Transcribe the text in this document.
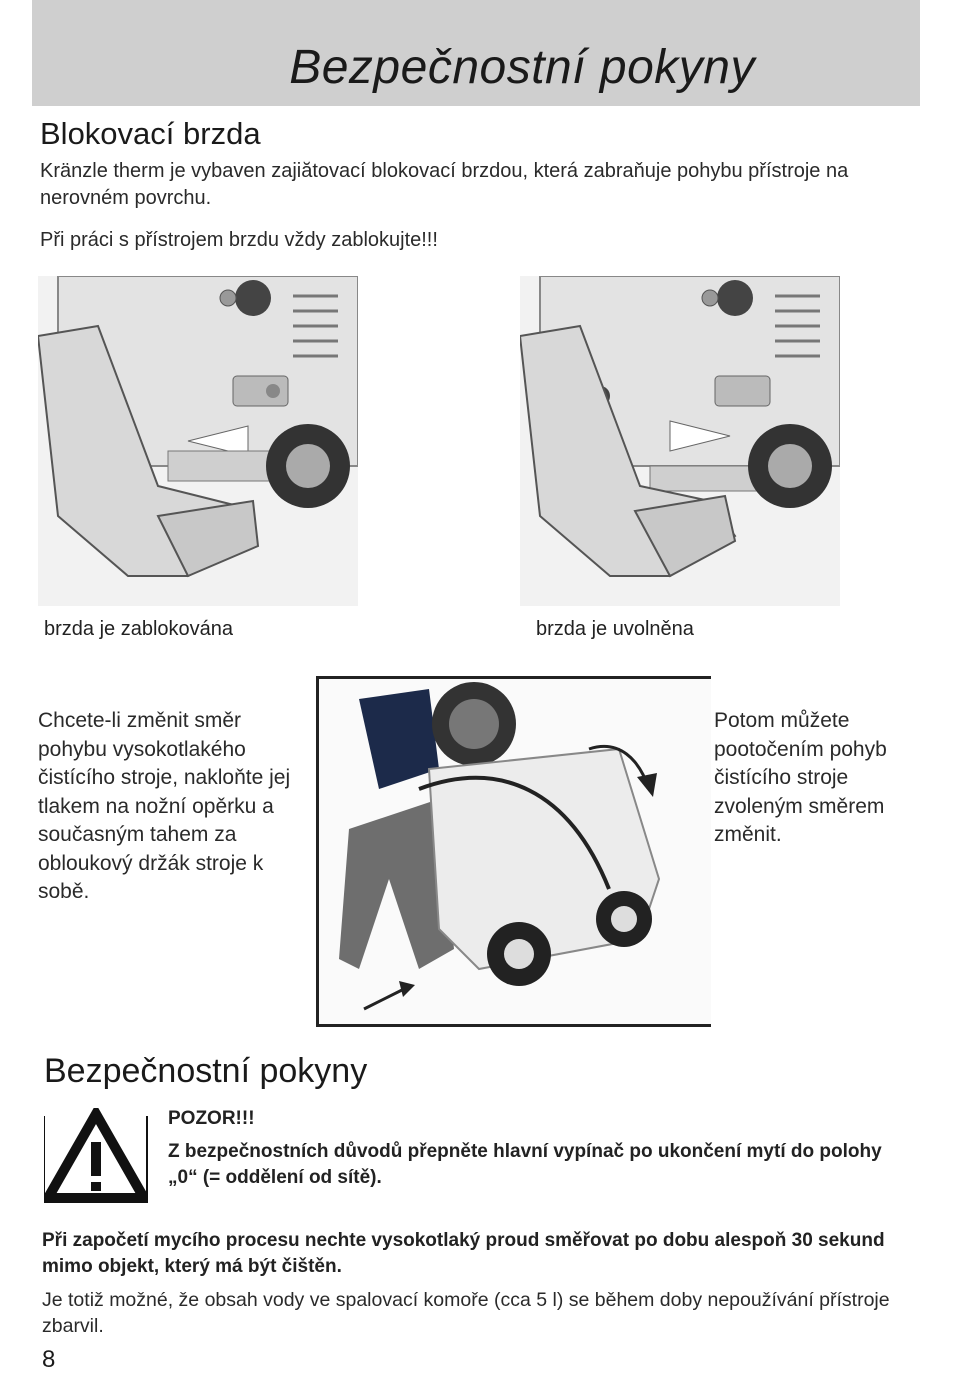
Bezpečnostní pokyny
Blokovací brzda

Kränzle therm je vybaven zajiătovací blokovací brzdou, která zabraňuje pohybu přístroje na nerovném povrchu.

Při práci s přístrojem brzdu vždy zablokujte!!!

brzda je zablokována	brzda je uvolněna

Chcete-li změnit směr pohybu vysokotlakého čistícího stroje, nakloňte jej tlakem na nožní opěrku a současným tahem za obloukový držák stroje k sobě.

Potom můžete pootočením pohyb čistícího stroje zvoleným směrem změnit.

Bezpečnostní pokyny

POZOR!!!

Z bezpečnostních důvodů přepněte hlavní vypínač po ukončení mytí do polohy „0“ (= oddělení od sítě).

Při započetí mycího procesu nechte vysokotlaký proud směřovat po dobu alespoň 30 sekund mimo objekt, který má být čištěn.

Je totiž možné, že obsah vody ve spalovací komoře (cca 5 l) se během doby nepoužívání přístroje zbarvil.

8
